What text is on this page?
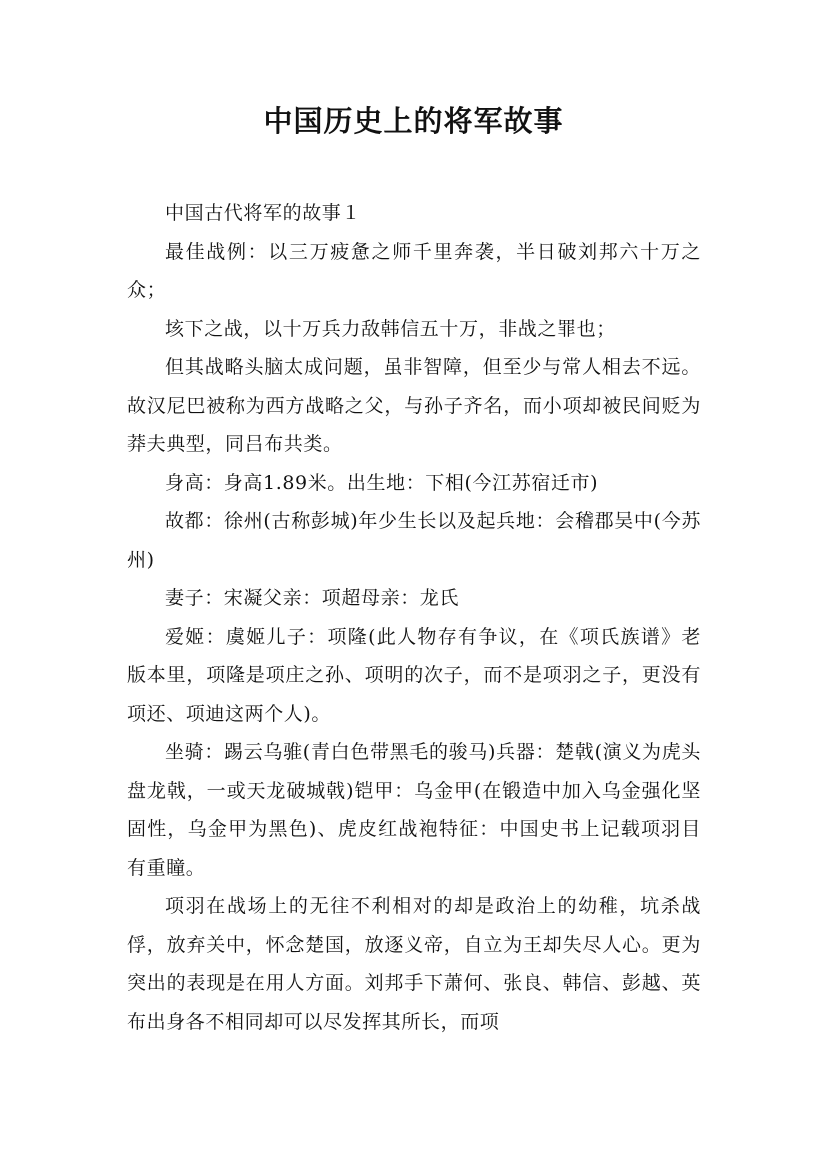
中国历史上的将军故事

中国古代将军的故事１

最佳战例：以三万疲惫之师千里奔袭，半日破刘邦六十万之众；

垓下之战，以十万兵力敌韩信五十万，非战之罪也；

但其战略头脑太成问题，虽非智障，但至少与常人相去不远。故汉尼巴被称为西方战略之父，与孙子齐名，而小项却被民间贬为莽夫典型，同吕布共类。

身高：身高1.89米。出生地：下相(今江苏宿迁市)

故都：徐州(古称彭城)年少生长以及起兵地：会稽郡吴中(今苏州)

妻子：宋凝父亲：项超母亲：龙氏

爱姬：虞姬儿子：项隆(此人物存有争议，在《项氏族谱》老版本里，项隆是项庄之孙、项明的次子，而不是项羽之子，更没有项还、项迪这两个人)。

坐骑：踢云乌骓(青白色带黑毛的骏马)兵器：楚戟(演义为虎头盘龙戟，一或天龙破城戟)铠甲：乌金甲(在锻造中加入乌金强化坚固性，乌金甲为黑色)、虎皮红战袍特征：中国史书上记载项羽目有重瞳。

项羽在战场上的无往不利相对的却是政治上的幼稚，坑杀战俘，放弃关中，怀念楚国，放逐义帝，自立为王却失尽人心。更为突出的表现是在用人方面。刘邦手下萧何、张良、韩信、彭越、英布出身各不相同却可以尽发挥其所长，而项
